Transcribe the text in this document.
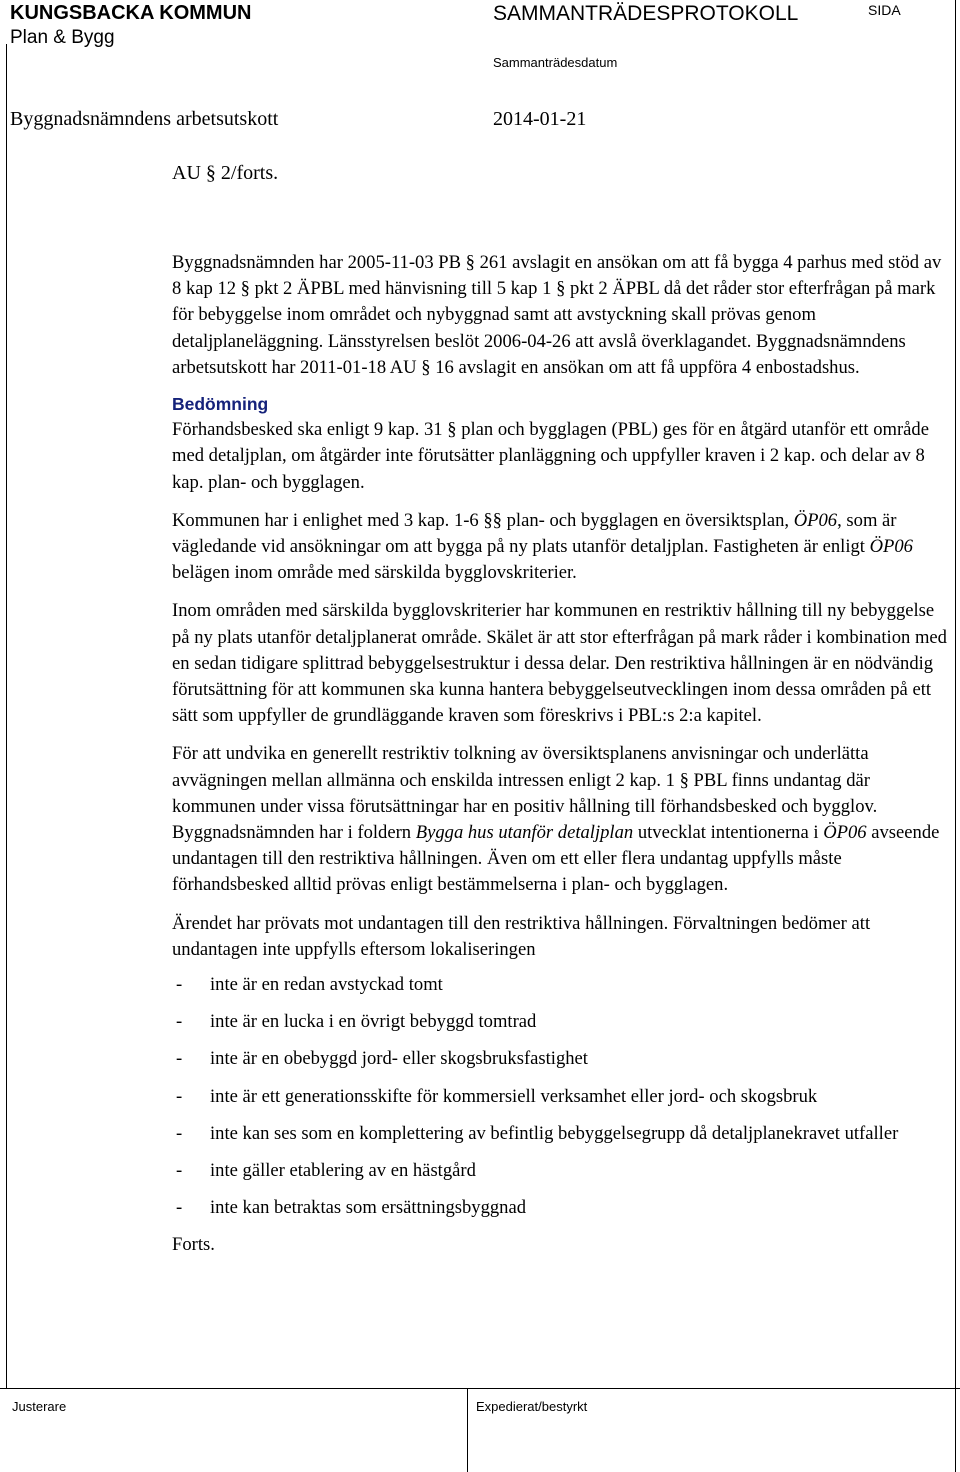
KUNGSBACKA KOMMUN
Plan & Bygg
SAMMANTRÄDESPROTOKOLL	SIDA
Sammanträdesdatum
Byggnadsnämndens arbetsutskott	2014-01-21
AU § 2/forts.

Byggnadsnämnden har 2005-11-03 PB § 261 avslagit en ansökan om att få bygga 4 parhus med stöd av 8 kap 12 § pkt 2 ÄPBL med hänvisning till 5 kap 1 § pkt 2 ÄPBL då det råder stor efterfrågan på mark för bebyggelse inom området och nybyggnad samt att avstyckning skall prövas genom detaljplaneläggning. Länsstyrelsen beslöt 2006-04-26 att avslå överklagandet. Byggnadsnämndens arbetsutskott har 2011-01-18 AU § 16 avslagit en ansökan om att få uppföra 4 enbostadshus.

Bedömning

Förhandsbesked ska enligt 9 kap. 31 § plan och bygglagen (PBL) ges för en åtgärd utanför ett område med detaljplan, om åtgärder inte förutsätter planläggning och uppfyller kraven i 2 kap. och delar av 8 kap. plan- och bygglagen.

Kommunen har i enlighet med 3 kap. 1-6 §§ plan- och bygglagen en översiktsplan, ÖP06, som är vägledande vid ansökningar om att bygga på ny plats utanför detaljplan. Fastigheten är enligt ÖP06 belägen inom område med särskilda bygglovskriterier.

Inom områden med särskilda bygglovskriterier har kommunen en restriktiv hållning till ny bebyggelse på ny plats utanför detaljplanerat område. Skälet är att stor efterfrågan på mark råder i kombination med en sedan tidigare splittrad bebyggelsestruktur i dessa delar. Den restriktiva hållningen är en nödvändig förutsättning för att kommunen ska kunna hantera bebyggelseutvecklingen inom dessa områden på ett sätt som uppfyller de grundläggande kraven som föreskrivs i PBL:s 2:a kapitel.

För att undvika en generellt restriktiv tolkning av översiktsplanens anvisningar och underlätta avvägningen mellan allmänna och enskilda intressen enligt 2 kap. 1 § PBL finns undantag där kommunen under vissa förutsättningar har en positiv hållning till förhandsbesked och bygglov. Byggnadsnämnden har i foldern Bygga hus utanför detaljplan utvecklat intentionerna i ÖP06 avseende undantagen till den restriktiva hållningen. Även om ett eller flera undantag uppfylls måste förhandsbesked alltid prövas enligt bestämmelserna i plan- och bygglagen.

Ärendet har prövats mot undantagen till den restriktiva hållningen. Förvaltningen bedömer att undantagen inte uppfylls eftersom lokaliseringen

- inte är en redan avstyckad tomt
- inte är en lucka i en övrigt bebyggd tomtrad
- inte är en obebyggd jord- eller skogsbruksfastighet
- inte är ett generationsskifte för kommersiell verksamhet eller jord- och skogsbruk
- inte kan ses som en komplettering av befintlig bebyggelsegrupp då detaljplanekravet utfaller
- inte gäller etablering av en hästgård
- inte kan betraktas som ersättningsbyggnad

Forts.

Justerare	Expedierat/bestyrkt
